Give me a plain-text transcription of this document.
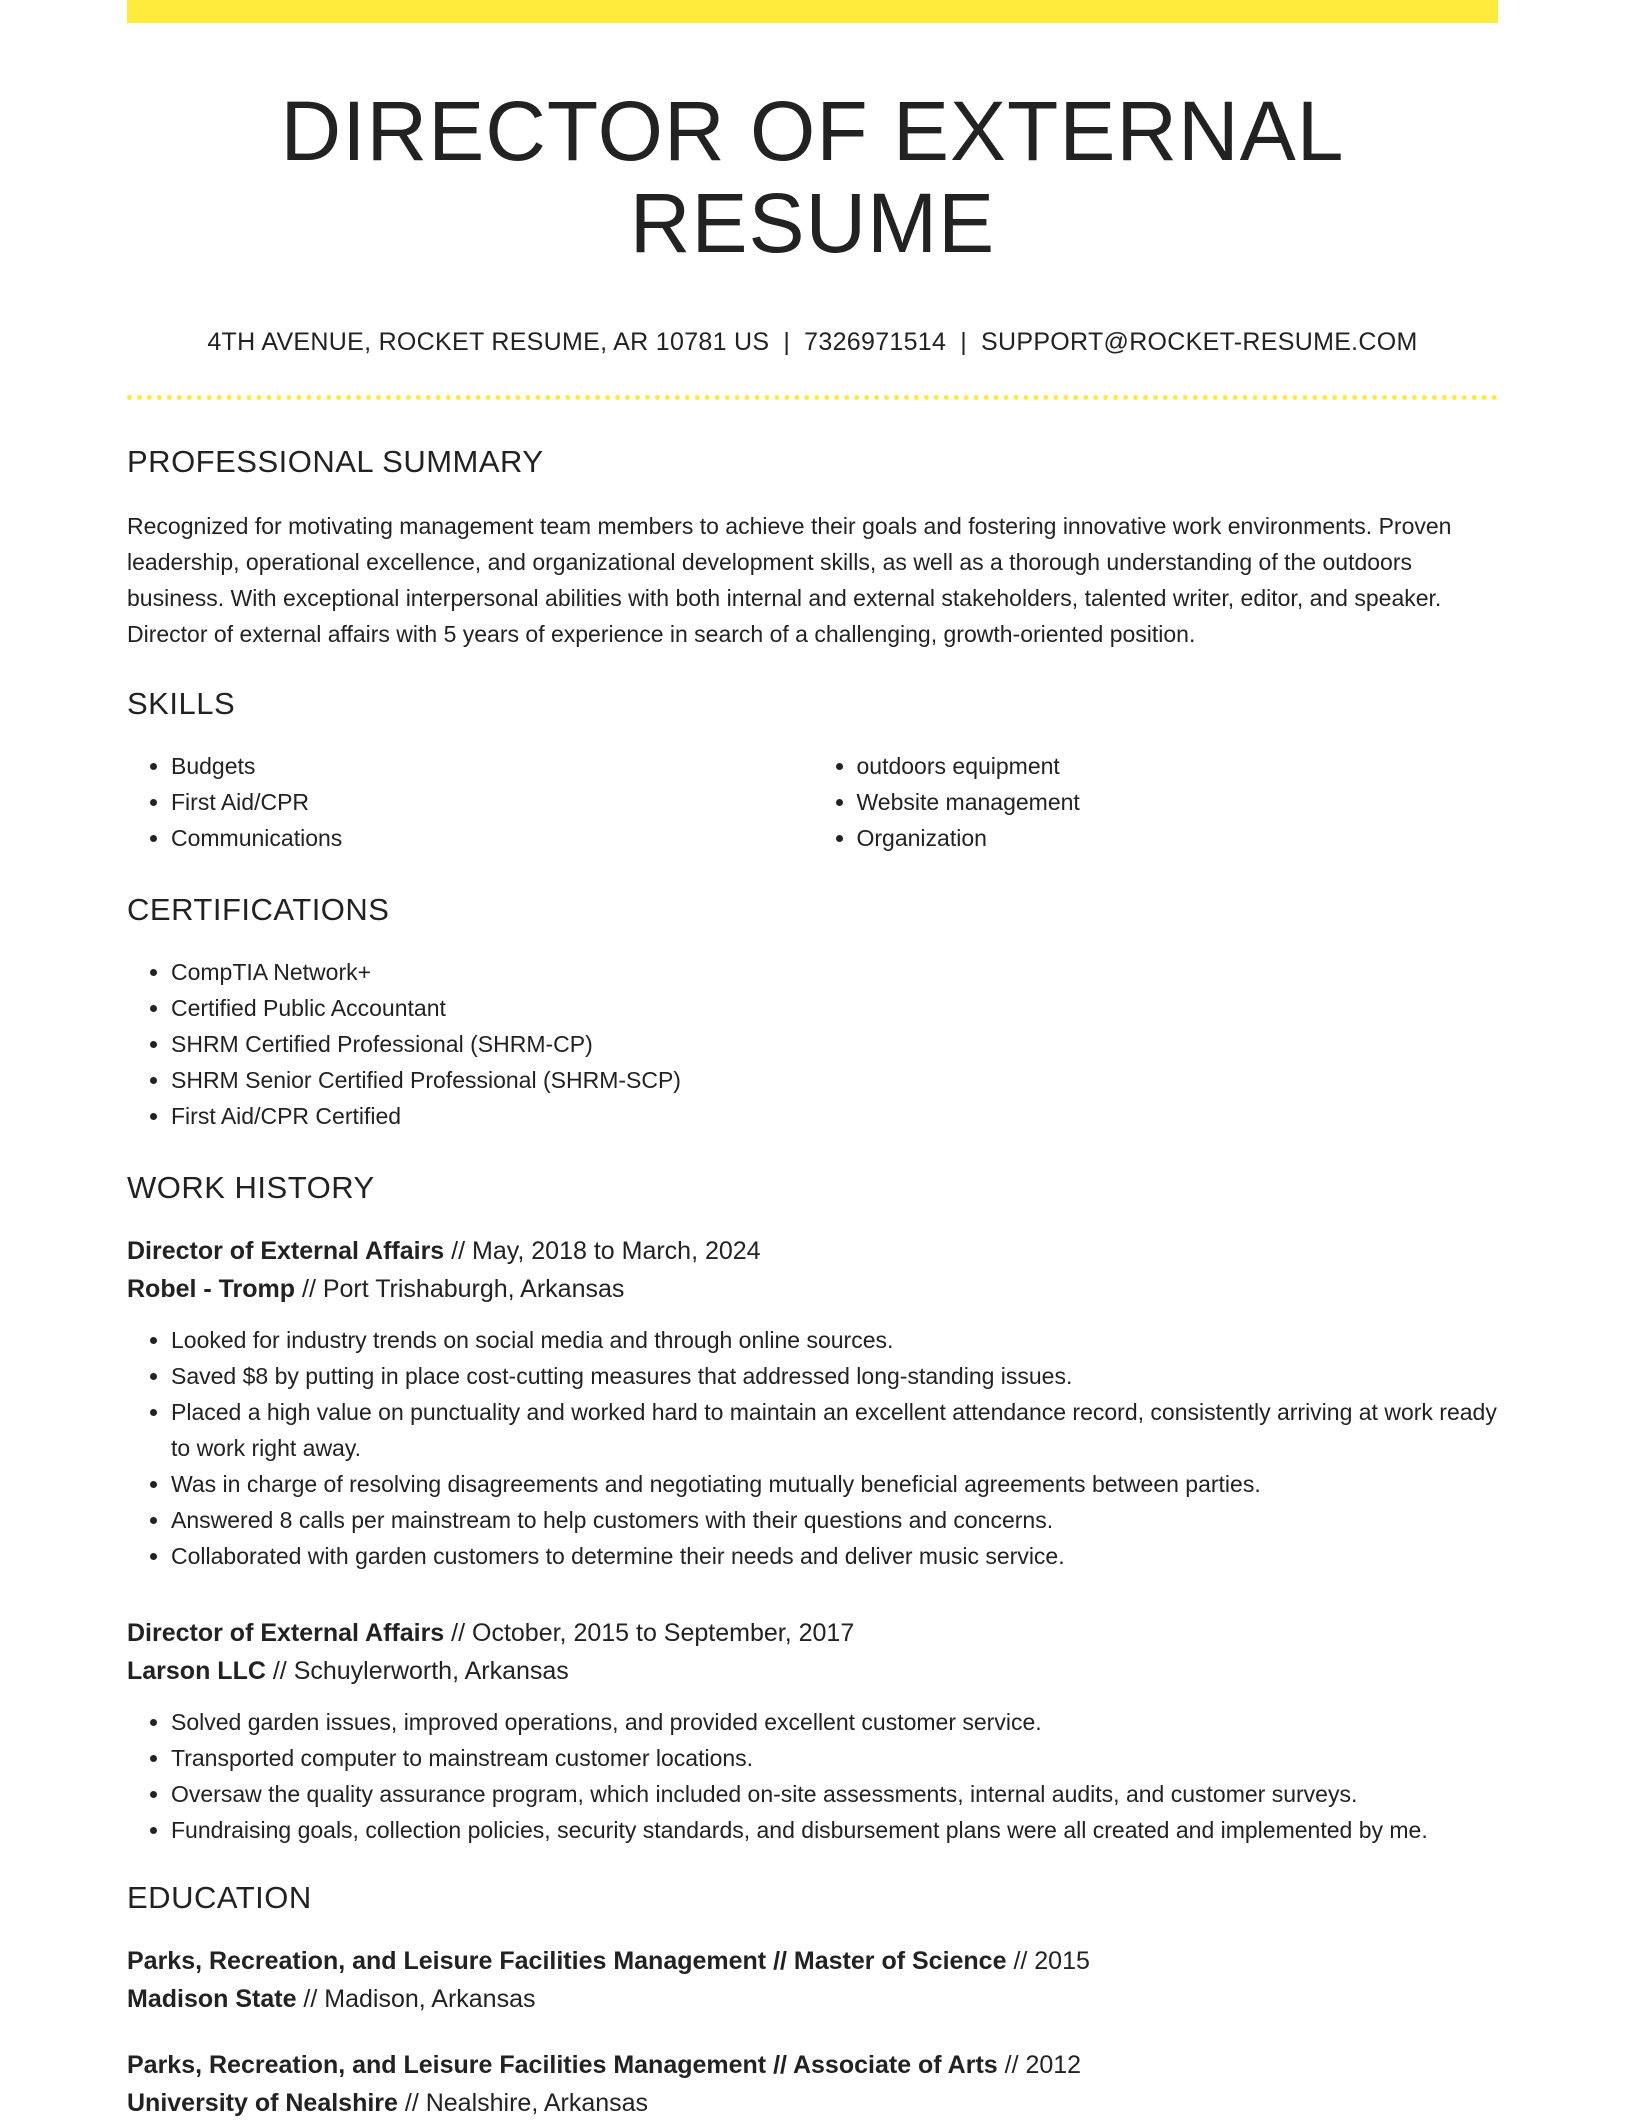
DIRECTOR OF EXTERNAL RESUME
4TH AVENUE, ROCKET RESUME, AR 10781 US | 7326971514 | SUPPORT@ROCKET-RESUME.COM
PROFESSIONAL SUMMARY

Recognized for motivating management team members to achieve their goals and fostering innovative work environments. Proven leadership, operational excellence, and organizational development skills, as well as a thorough understanding of the outdoors business. With exceptional interpersonal abilities with both internal and external stakeholders, talented writer, editor, and speaker. Director of external affairs with 5 years of experience in search of a challenging, growth-oriented position.

SKILLS
• Budgets
• First Aid/CPR
• Communications
• outdoors equipment
• Website management
• Organization
CERTIFICATIONS
• CompTIA Network+
• Certified Public Accountant
• SHRM Certified Professional (SHRM-CP)
• SHRM Senior Certified Professional (SHRM-SCP)
• First Aid/CPR Certified
WORK HISTORY
Director of External Affairs // May, 2018 to March, 2024
Robel - Tromp // Port Trishaburgh, Arkansas
• Looked for industry trends on social media and through online sources.
• Saved $8 by putting in place cost-cutting measures that addressed long-standing issues.
• Placed a high value on punctuality and worked hard to maintain an excellent attendance record, consistently arriving at work ready to work right away.
• Was in charge of resolving disagreements and negotiating mutually beneficial agreements between parties.
• Answered 8 calls per mainstream to help customers with their questions and concerns.
• Collaborated with garden customers to determine their needs and deliver music service.
Director of External Affairs // October, 2015 to September, 2017
Larson LLC // Schuylerworth, Arkansas
• Solved garden issues, improved operations, and provided excellent customer service.
• Transported computer to mainstream customer locations.
• Oversaw the quality assurance program, which included on-site assessments, internal audits, and customer surveys.
• Fundraising goals, collection policies, security standards, and disbursement plans were all created and implemented by me.
EDUCATION
Parks, Recreation, and Leisure Facilities Management // Master of Science // 2015
Madison State // Madison, Arkansas
Parks, Recreation, and Leisure Facilities Management // Associate of Arts // 2012
University of Nealshire // Nealshire, Arkansas
